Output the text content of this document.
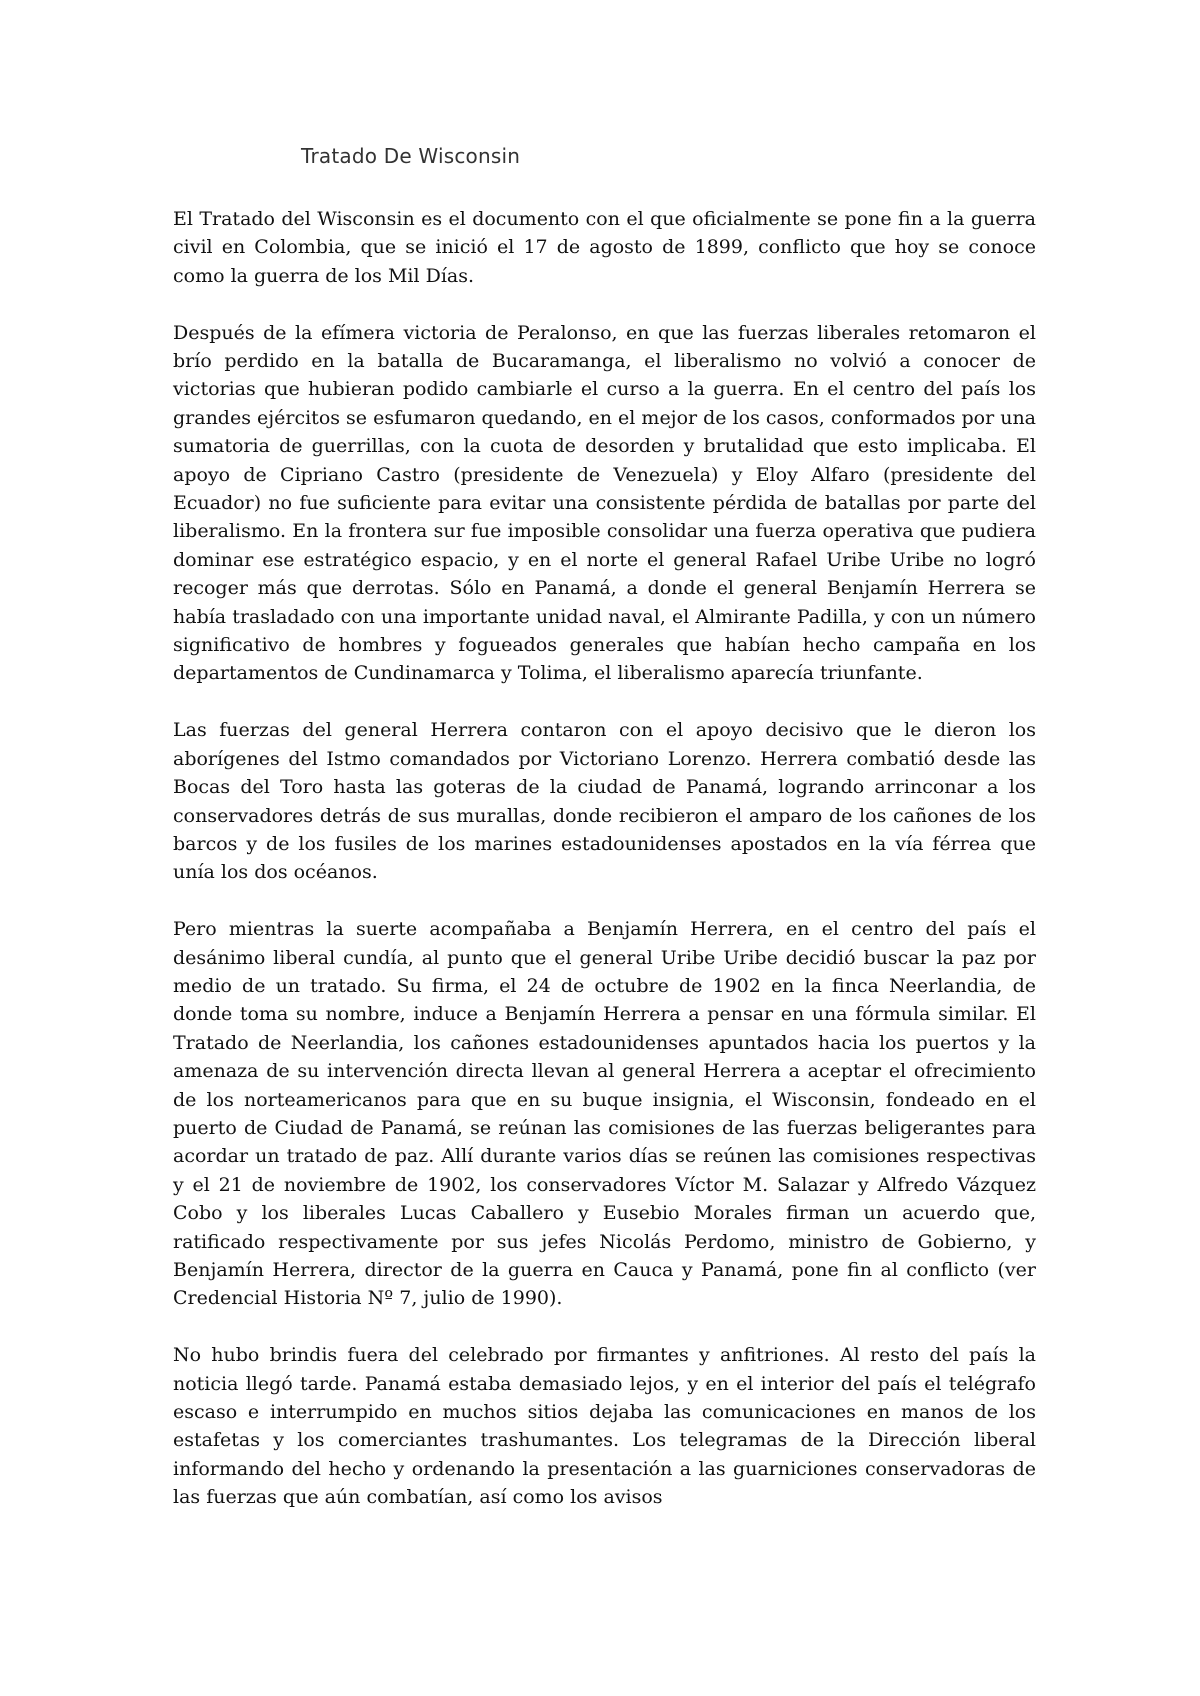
Tratado De Wisconsin

El Tratado del Wisconsin es el documento con el que oficialmente se pone fin a la guerra civil en Colombia, que se inició el 17 de agosto de 1899, conflicto que hoy se conoce como la guerra de los Mil Días.

Después de la efímera victoria de Peralonso, en que las fuerzas liberales retomaron el brío perdido en la batalla de Bucaramanga, el liberalismo no volvió a conocer de victorias que hubieran podido cambiarle el curso a la guerra. En el centro del país los grandes ejércitos se esfumaron quedando, en el mejor de los casos, conformados por una sumatoria de guerrillas, con la cuota de desorden y brutalidad que esto implicaba. El apoyo de Cipriano Castro (presidente de Venezuela) y Eloy Alfaro (presidente del Ecuador) no fue suficiente para evitar una consistente pérdida de batallas por parte del liberalismo. En la frontera sur fue imposible consolidar una fuerza operativa que pudiera dominar ese estratégico espacio, y en el norte el general Rafael Uribe Uribe no logró recoger más que derrotas. Sólo en Panamá, a donde el general Benjamín Herrera se había trasladado con una importante unidad naval, el Almirante Padilla, y con un número significativo de hombres y fogueados generales que habían hecho campaña en los departamentos de Cundinamarca y Tolima, el liberalismo aparecía triunfante.

Las fuerzas del general Herrera contaron con el apoyo decisivo que le dieron los aborígenes del Istmo comandados por Victoriano Lorenzo. Herrera combatió desde las Bocas del Toro hasta las goteras de la ciudad de Panamá, logrando arrinconar a los conservadores detrás de sus murallas, donde recibieron el amparo de los cañones de los barcos y de los fusiles de los marines estadounidenses apostados en la vía férrea que unía los dos océanos.

Pero mientras la suerte acompañaba a Benjamín Herrera, en el centro del país el desánimo liberal cundía, al punto que el general Uribe Uribe decidió buscar la paz por medio de un tratado. Su firma, el 24 de octubre de 1902 en la finca Neerlandia, de donde toma su nombre, induce a Benjamín Herrera a pensar en una fórmula similar. El Tratado de Neerlandia, los cañones estadounidenses apuntados hacia los puertos y la amenaza de su intervención directa llevan al general Herrera a aceptar el ofrecimiento de los norteamericanos para que en su buque insignia, el Wisconsin, fondeado en el puerto de Ciudad de Panamá, se reúnan las comisiones de las fuerzas beligerantes para acordar un tratado de paz. Allí durante varios días se reúnen las comisiones respectivas y el 21 de noviembre de 1902, los conservadores Víctor M. Salazar y Alfredo Vázquez Cobo y los liberales Lucas Caballero y Eusebio Morales firman un acuerdo que, ratificado respectivamente por sus jefes Nicolás Perdomo, ministro de Gobierno, y Benjamín Herrera, director de la guerra en Cauca y Panamá, pone fin al conflicto (ver Credencial Historia Nº 7, julio de 1990).

No hubo brindis fuera del celebrado por firmantes y anfitriones. Al resto del país la noticia llegó tarde. Panamá estaba demasiado lejos, y en el interior del país el telégrafo escaso e interrumpido en muchos sitios dejaba las comunicaciones en manos de los estafetas y los comerciantes trashumantes. Los telegramas de la Dirección liberal informando del hecho y ordenando la presentación a las guarniciones conservadoras de las fuerzas que aún combatían, así como los avisos
